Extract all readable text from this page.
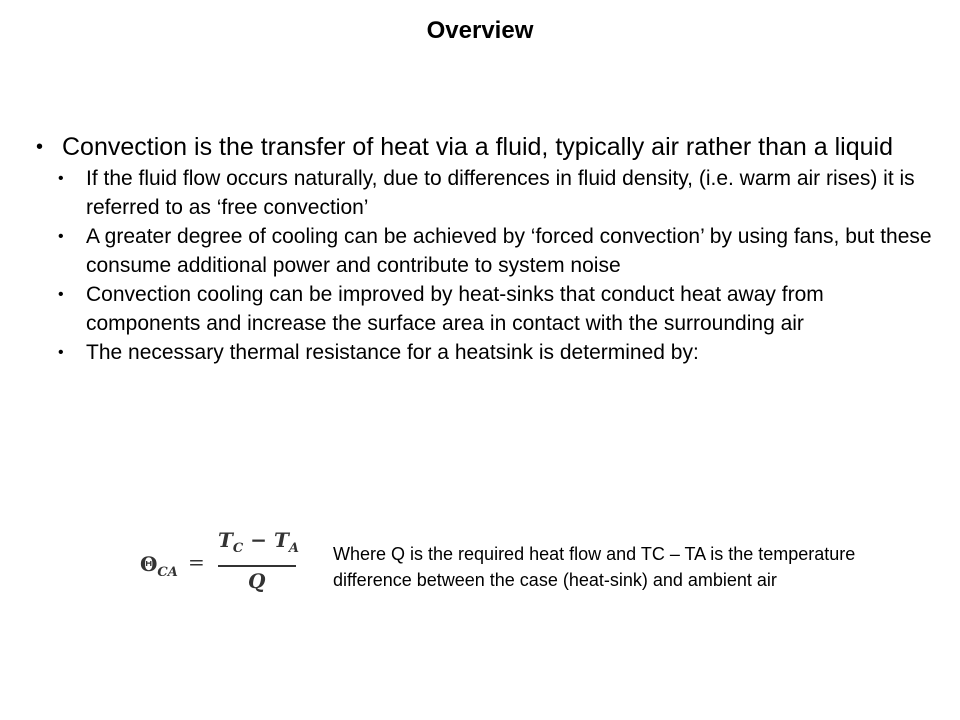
Overview
• Convection is the transfer of heat via a fluid, typically air rather than a liquid
• If the fluid flow occurs naturally, due to differences in fluid density, (i.e. warm air rises) it is referred to as ‘free convection’
• A greater degree of cooling can be achieved by ‘forced convection’ by using fans, but these consume additional power and contribute to system noise
• Convection cooling can be improved by heat-sinks that conduct heat away from components and increase the surface area in contact with the surrounding air
• The necessary thermal resistance for a heatsink is determined by:
$\Theta_{CA}$ =
$T_C - T_A$
Q
Where Q is the required heat flow and TC – TA is the temperature difference between the case (heat-sink) and ambient air
